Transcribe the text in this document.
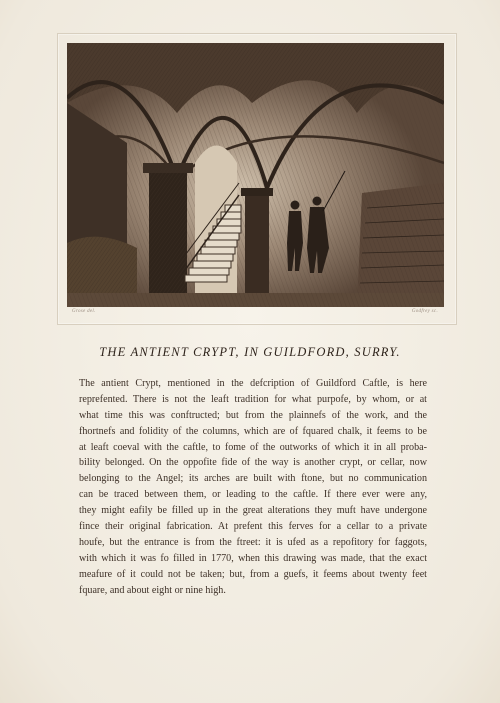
Grose del.	Godfrey sc.
THE ANTIENT CRYPT, IN GUILDFORD, SURRY.
The antient Crypt, mentioned in the defcription of Guildford Caftle, is here
reprefented. There is not the leaft tradition for what purpofe, by whom, or at
what time this was conftructed; but from the plainnefs of the work, and the
fhortnefs and folidity of the columns, which are of fquared chalk, it feems to be
at leaft coeval with the caftle, to fome of the outworks of which it in all proba-
bility belonged. On the oppofite fide of the way is another crypt, or cellar, now
belonging to the Angel; its arches are built with ftone, but no communication
can be traced between them, or leading to the caftle. If there ever were any,
they might eafily be filled up in the great alterations they muft have undergone
fince their original fabrication. At prefent this ferves for a cellar to a private
houfe, but the entrance is from the ftreet: it is ufed as a repofitory for faggots,
with which it was fo filled in 1770, when this drawing was made, that the exact
meafure of it could not be taken; but, from a guefs, it feems about twenty feet
fquare, and about eight or nine high.
